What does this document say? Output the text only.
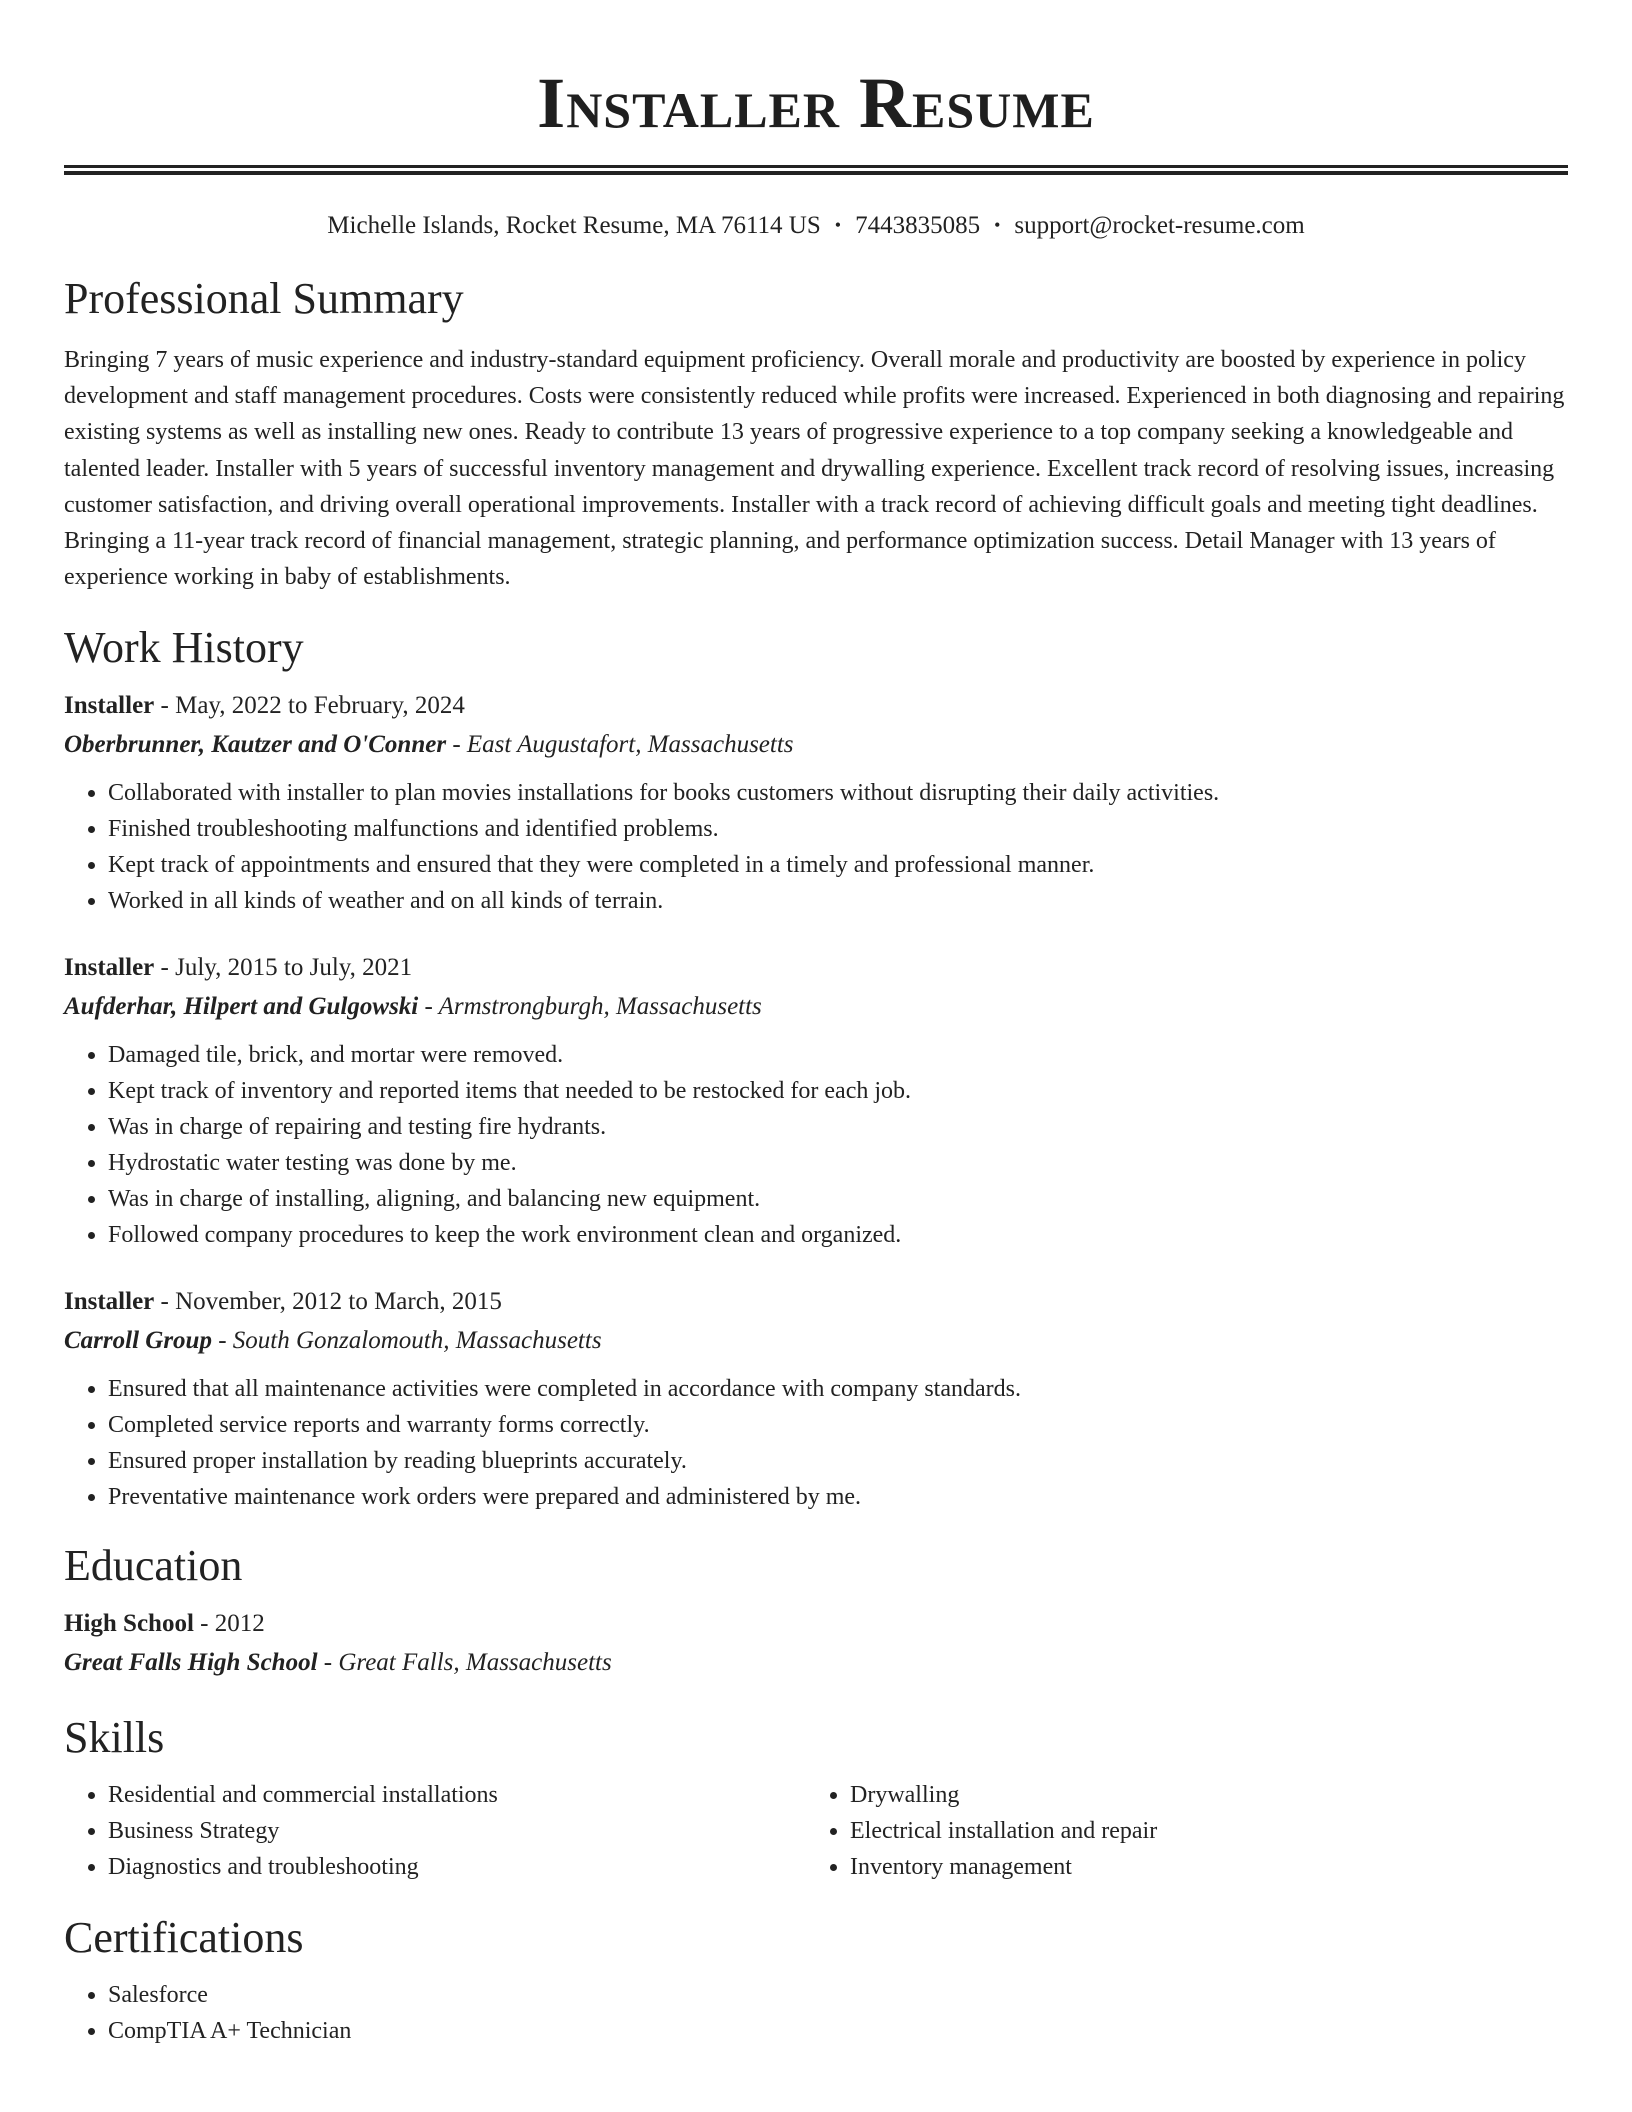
Installer Resume
Michelle Islands, Rocket Resume, MA 76114 US • 7443835085 • support@rocket-resume.com
Professional Summary

Bringing 7 years of music experience and industry-standard equipment proficiency. Overall morale and productivity are boosted by experience in policy development and staff management procedures. Costs were consistently reduced while profits were increased. Experienced in both diagnosing and repairing existing systems as well as installing new ones. Ready to contribute 13 years of progressive experience to a top company seeking a knowledgeable and talented leader. Installer with 5 years of successful inventory management and drywalling experience. Excellent track record of resolving issues, increasing customer satisfaction, and driving overall operational improvements. Installer with a track record of achieving difficult goals and meeting tight deadlines. Bringing a 11-year track record of financial management, strategic planning, and performance optimization success. Detail Manager with 13 years of experience working in baby of establishments.

Work History
Installer - May, 2022 to February, 2024
Oberbrunner, Kautzer and O'Conner - East Augustafort, Massachusetts
• Collaborated with installer to plan movies installations for books customers without disrupting their daily activities.
• Finished troubleshooting malfunctions and identified problems.
• Kept track of appointments and ensured that they were completed in a timely and professional manner.
• Worked in all kinds of weather and on all kinds of terrain.
Installer - July, 2015 to July, 2021
Aufderhar, Hilpert and Gulgowski - Armstrongburgh, Massachusetts
• Damaged tile, brick, and mortar were removed.
• Kept track of inventory and reported items that needed to be restocked for each job.
• Was in charge of repairing and testing fire hydrants.
• Hydrostatic water testing was done by me.
• Was in charge of installing, aligning, and balancing new equipment.
• Followed company procedures to keep the work environment clean and organized.
Installer - November, 2012 to March, 2015
Carroll Group - South Gonzalomouth, Massachusetts
• Ensured that all maintenance activities were completed in accordance with company standards.
• Completed service reports and warranty forms correctly.
• Ensured proper installation by reading blueprints accurately.
• Preventative maintenance work orders were prepared and administered by me.
Education
High School - 2012
Great Falls High School - Great Falls, Massachusetts
Skills
• Residential and commercial installations
• Business Strategy
• Diagnostics and troubleshooting
• Drywalling
• Electrical installation and repair
• Inventory management
Certifications
• Salesforce
• CompTIA A+ Technician
